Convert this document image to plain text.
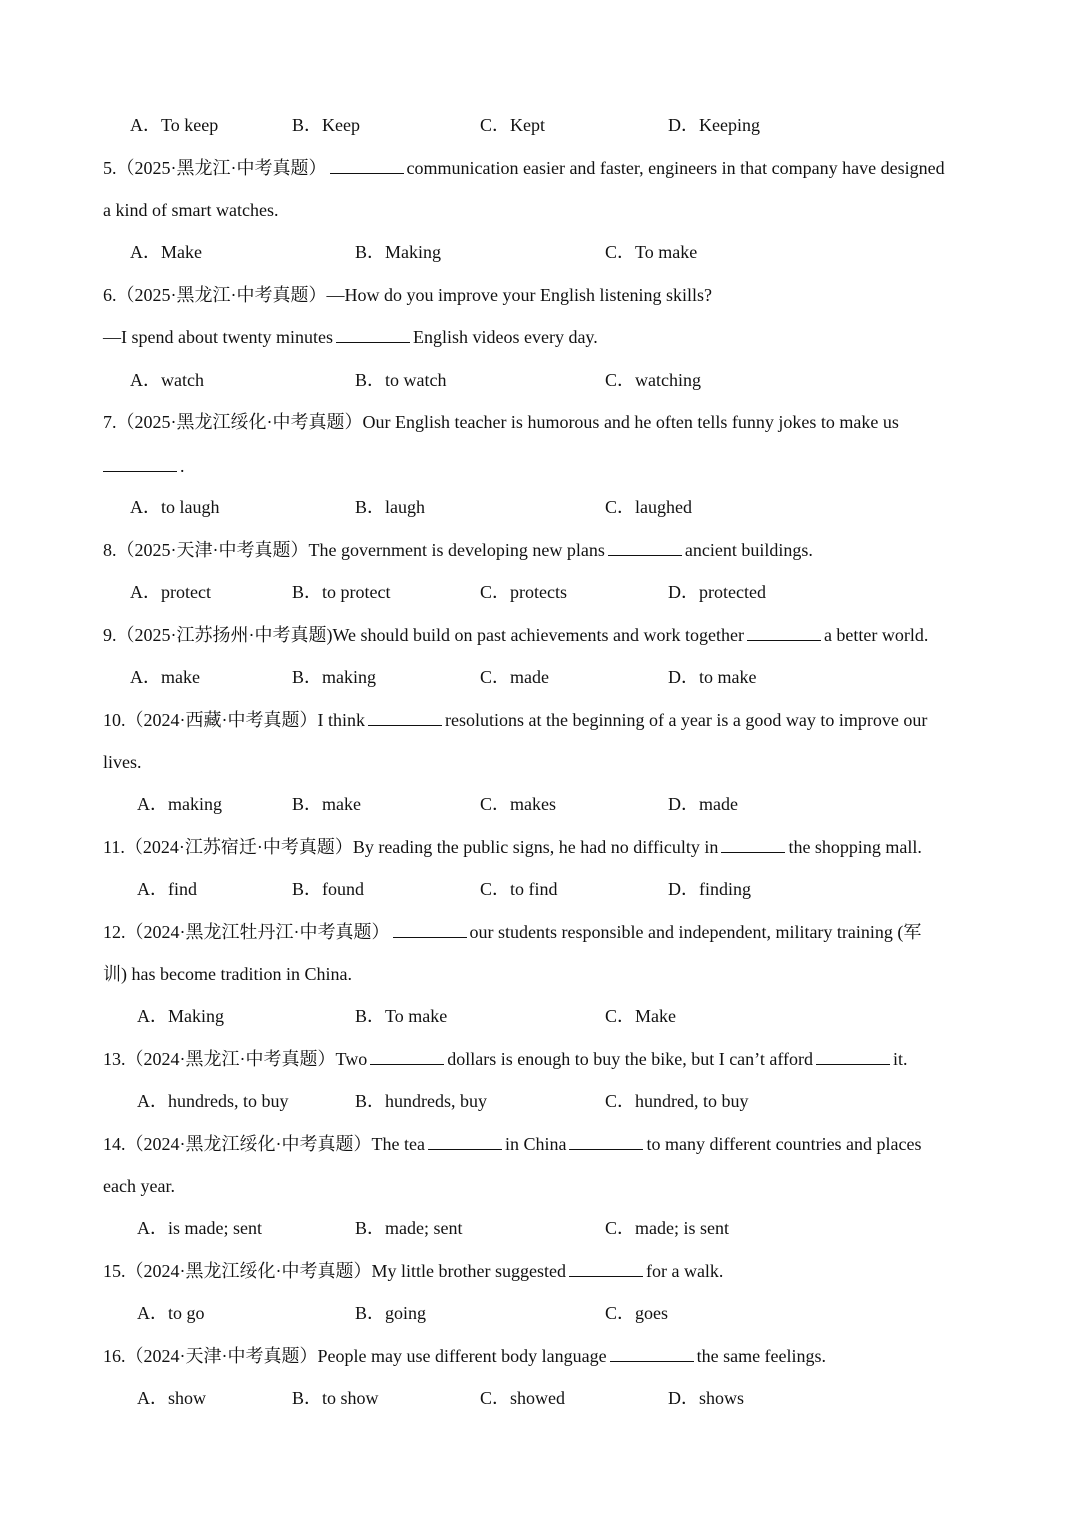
A．To keep	B．Keep	C．Kept	D．Keeping
5.（2025·黑龙江·中考真题）	communication easier and faster, engineers in that company have designed
a kind of smart watches.
A．Make	B．Making	C．To make
6.（2025·黑龙江·中考真题）—How do you improve your English listening skills?
—I spend about twenty minutes	English videos every day.
A．watch	B．to watch	C．watching
7.（2025·黑龙江绥化·中考真题）Our English teacher is humorous and he often tells funny jokes to make us
.
A．to laugh	B．laugh	C．laughed
8.（2025·天津·中考真题）The government is developing new plans	ancient buildings.
A．protect	B．to protect	C．protects	D．protected
9.（2025·江苏扬州·中考真题)We should build on past achievements and work together	a better world.
A．make	B．making	C．made	D．to make
10.（2024·西藏·中考真题）I think	resolutions at the beginning of a year is a good way to improve our
lives.
A．making	B．make	C．makes	D．made
11.（2024·江苏宿迁·中考真题）By reading the public signs, he had no difficulty in	the shopping mall.
A．find	B．found	C．to find	D．finding
12.（2024·黑龙江牡丹江·中考真题）	our students responsible and independent, military training (军
训) has become tradition in China.
A．Making	B．To make	C．Make
13.（2024·黑龙江·中考真题）Two	dollars is enough to buy the bike, but I can’t afford	it.
A．hundreds, to buy	B．hundreds, buy	C．hundred, to buy
14.（2024·黑龙江绥化·中考真题）The tea	in China	to many different countries and places
each year.
A．is made; sent	B．made; sent	C．made; is sent
15.（2024·黑龙江绥化·中考真题）My little brother suggested	for a walk.
A．to go	B．going	C．goes
16.（2024·天津·中考真题）People may use different body language	the same feelings.
A．show	B．to show	C．showed	D．shows
